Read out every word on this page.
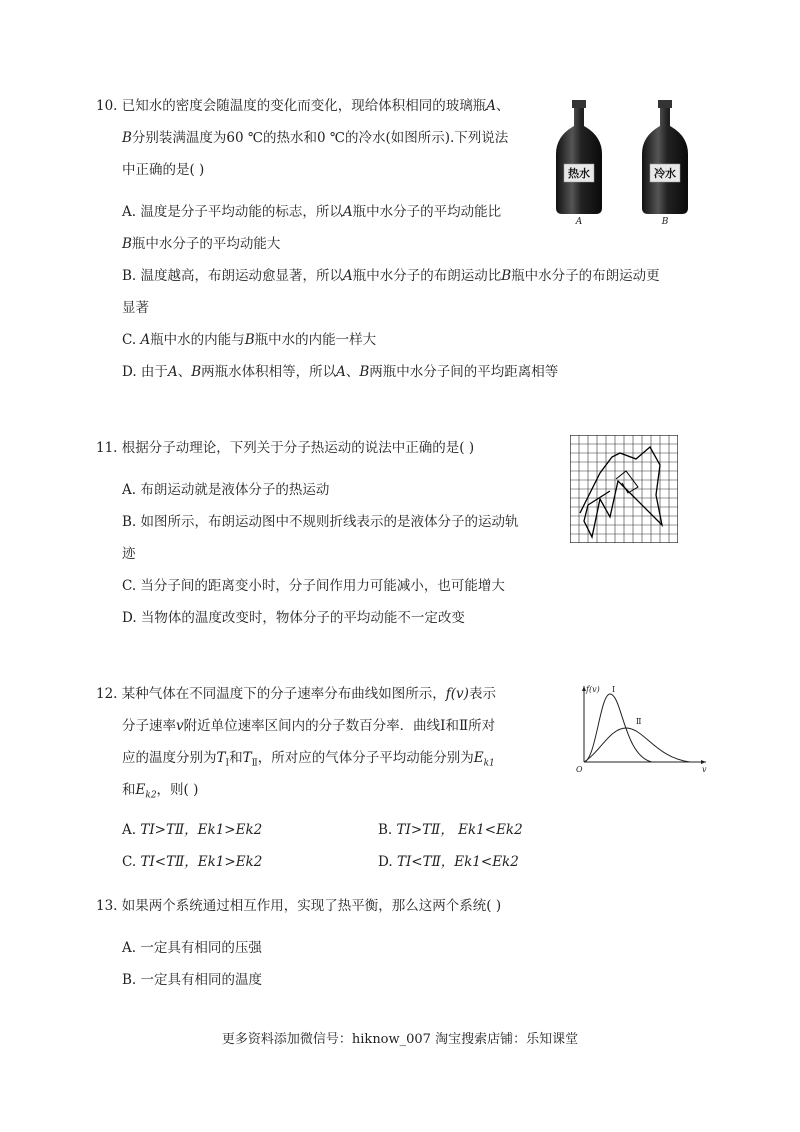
10. 已知水的密度会随温度的变化而变化，现给体积相同的玻璃瓶A、
B分别装满温度为60 ℃的热水和0 ℃的冷水(如图所示).下列说法
中正确的是( )	热水
A
冷水
B
A. 温度是分子平均动能的标志，所以A瓶中水分子的平均动能比
B瓶中水分子的平均动能大
B. 温度越高，布朗运动愈显著，所以A瓶中水分子的布朗运动比B瓶中水分子的布朗运动更
显著
C. A瓶中水的内能与B瓶中水的内能一样大
D. 由于A、B两瓶水体积相等，所以A、B两瓶中水分子间的平均距离相等
11. 根据分子动理论，下列关于分子热运动的说法中正确的是( )
A. 布朗运动就是液体分子的热运动
B. 如图所示，布朗运动图中不规则折线表示的是液体分子的运动轨
迹
C. 当分子间的距离变小时，分子间作用力可能减小，也可能增大
D. 当物体的温度改变时，物体分子的平均动能不一定改变
12. 某种气体在不同温度下的分子速率分布曲线如图所示，f(v)表示
分子速率v附近单位速率区间内的分子数百分率．曲线Ⅰ和Ⅱ所对
应的温度分别为$T_Ⅰ$和$T_Ⅱ$，所对应的气体分子平均动能分别为$E_{k1}$
和$E_{k2}$，则( )
f(v)
O	v
Ⅰ
Ⅱ
A. TⅠ>TⅡ，Ek1>Ek2	B. TⅠ>TⅡ， Ek1<Ek2
C. TⅠ<TⅡ，Ek1>Ek2	D. TⅠ<TⅡ，Ek1<Ek2
13. 如果两个系统通过相互作用，实现了热平衡，那么这两个系统( )
A. 一定具有相同的压强
B. 一定具有相同的温度
更多资料添加微信号：hiknow_007 淘宝搜索店铺：乐知课堂
